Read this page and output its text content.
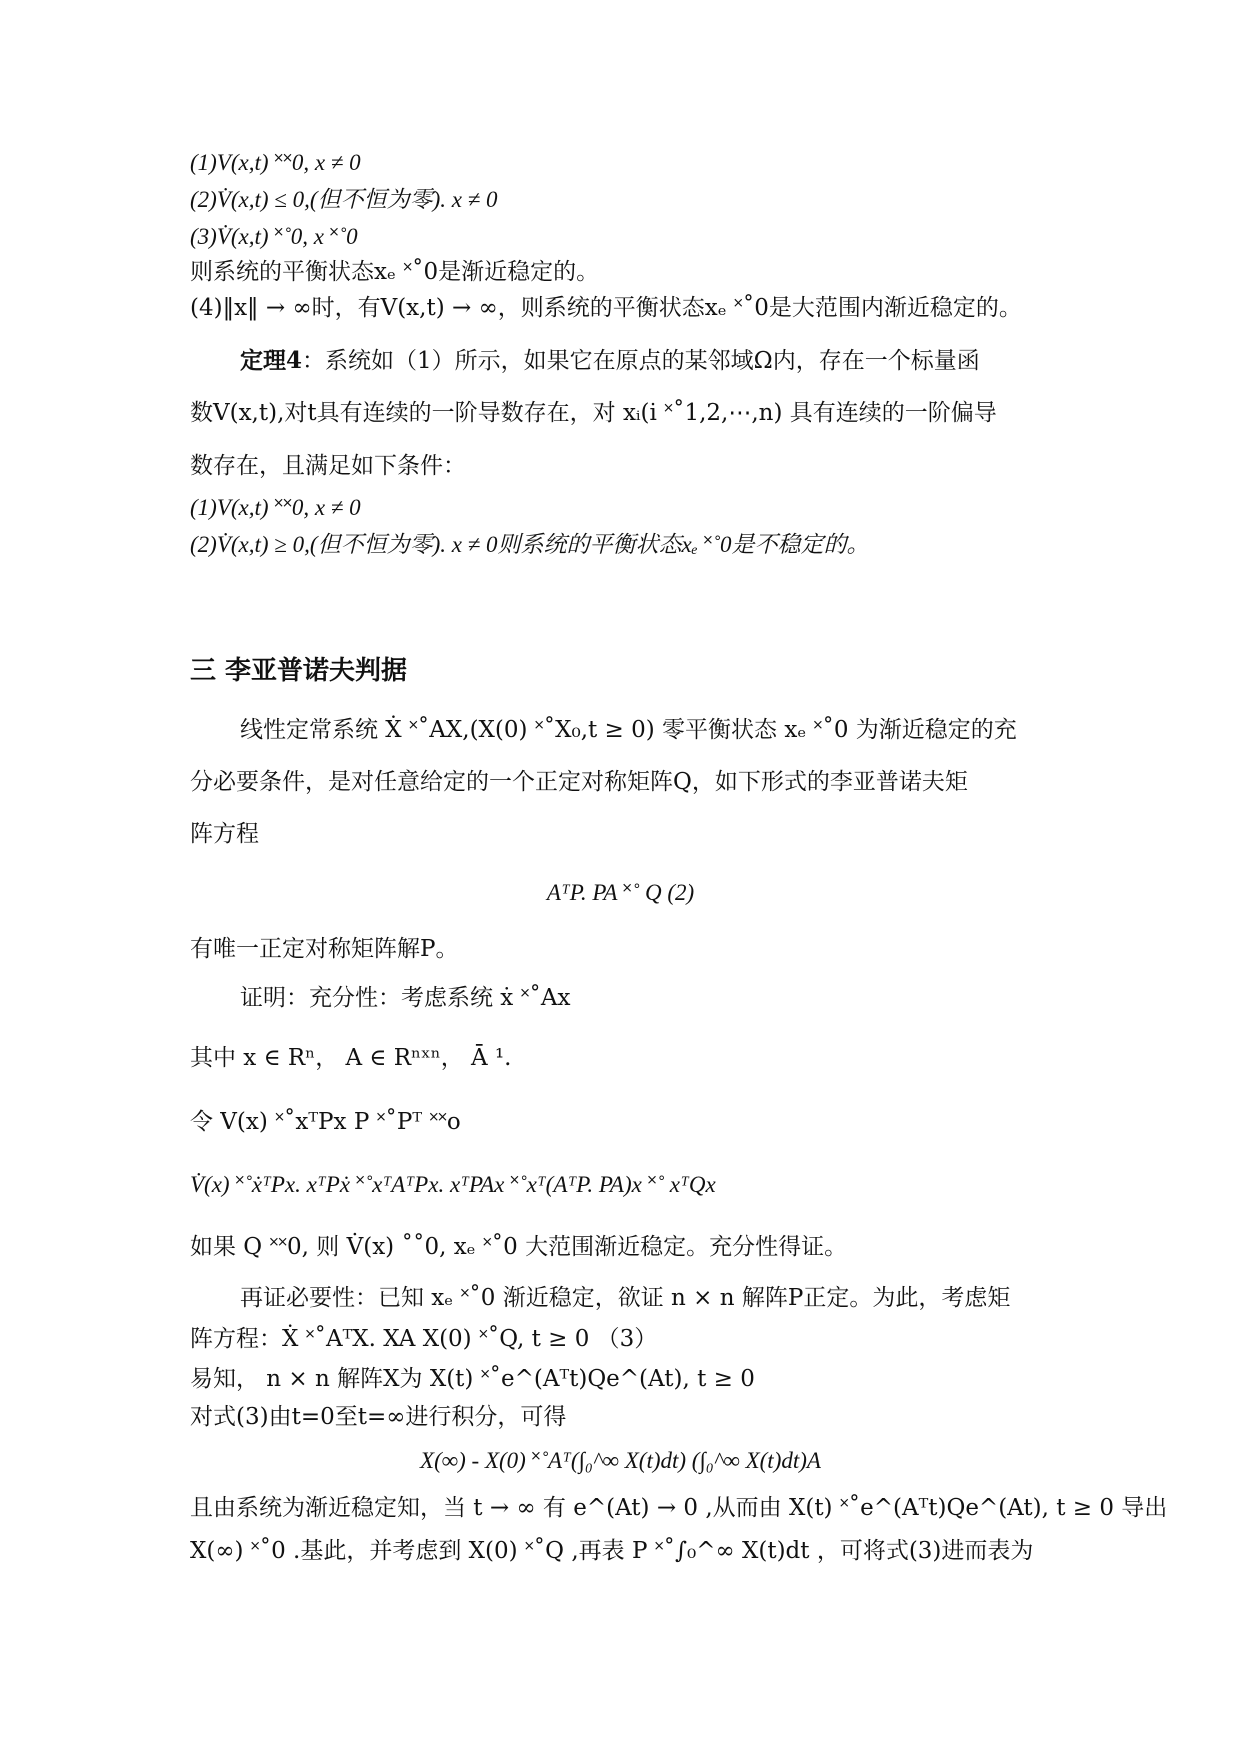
(1)V(x,t) ˟˟0, x ≠ 0
(2)V̇(x,t) ≤ 0,(但不恒为零). x ≠ 0
(3)V̇(x,t) ˟˚0, x ˟˚0
则系统的平衡状态xₑ ˟˚0是渐近稳定的。
(4)‖x‖ → ∞时，有V(x,t) → ∞，则系统的平衡状态xₑ ˟˚0是大范围内渐近稳定的。
定理4：系统如（1）所示，如果它在原点的某邻域Ω内，存在一个标量函
数V(x,t),对t具有连续的一阶导数存在，对 xᵢ(i ˟˚1,2,⋯,n) 具有连续的一阶偏导
数存在，且满足如下条件：
(1)V(x,t) ˟˟0, x ≠ 0
(2)V̇(x,t) ≥ 0,(但不恒为零). x ≠ 0则系统的平衡状态xₑ ˟˚0是不稳定的。
三 李亚普诺夫判据
线性定常系统 Ẋ ˟˚AX,(X(0) ˟˚X₀,t ≥ 0) 零平衡状态 xₑ ˟˚0 为渐近稳定的充
分必要条件，是对任意给定的一个正定对称矩阵Q，如下形式的李亚普诺夫矩
阵方程
AᵀP. PA ˟˚ Q (2)
有唯一正定对称矩阵解P。
证明：充分性：考虑系统 ẋ ˟˚Ax
其中 x ∈ Rⁿ， A ∈ Rⁿˣⁿ， Ā ¹.
令 V(x) ˟˚xᵀPx P ˟˚Pᵀ ˟˟o
V̇(x) ˟˚ẋᵀPx. xᵀPẋ ˟˚xᵀAᵀPx. xᵀPAx ˟˚xᵀ(AᵀP. PA)x ˟˚ xᵀQx
如果 Q ˟˟0, 则 V̇(x) ˚˚0, xₑ ˟˚0 大范围渐近稳定。充分性得证。
再证必要性：已知 xₑ ˟˚0 渐近稳定，欲证 n × n 解阵P正定。为此，考虑矩
阵方程：Ẋ ˟˚AᵀX. XA X(0) ˟˚Q, t ≥ 0 （3）
易知， n × n 解阵X为 X(t) ˟˚e^(Aᵀt)Qe^(At), t ≥ 0
对式(3)由t=0至t=∞进行积分，可得
X(∞) - X(0) ˟˚Aᵀ(∫₀^∞ X(t)dt) (∫₀^∞ X(t)dt)A
且由系统为渐近稳定知，当 t → ∞ 有 e^(At) → 0 ,从而由 X(t) ˟˚e^(Aᵀt)Qe^(At), t ≥ 0 导出
X(∞) ˟˚0 .基此，并考虑到 X(0) ˟˚Q ,再表 P ˟˚∫₀^∞ X(t)dt ，可将式(3)进而表为
